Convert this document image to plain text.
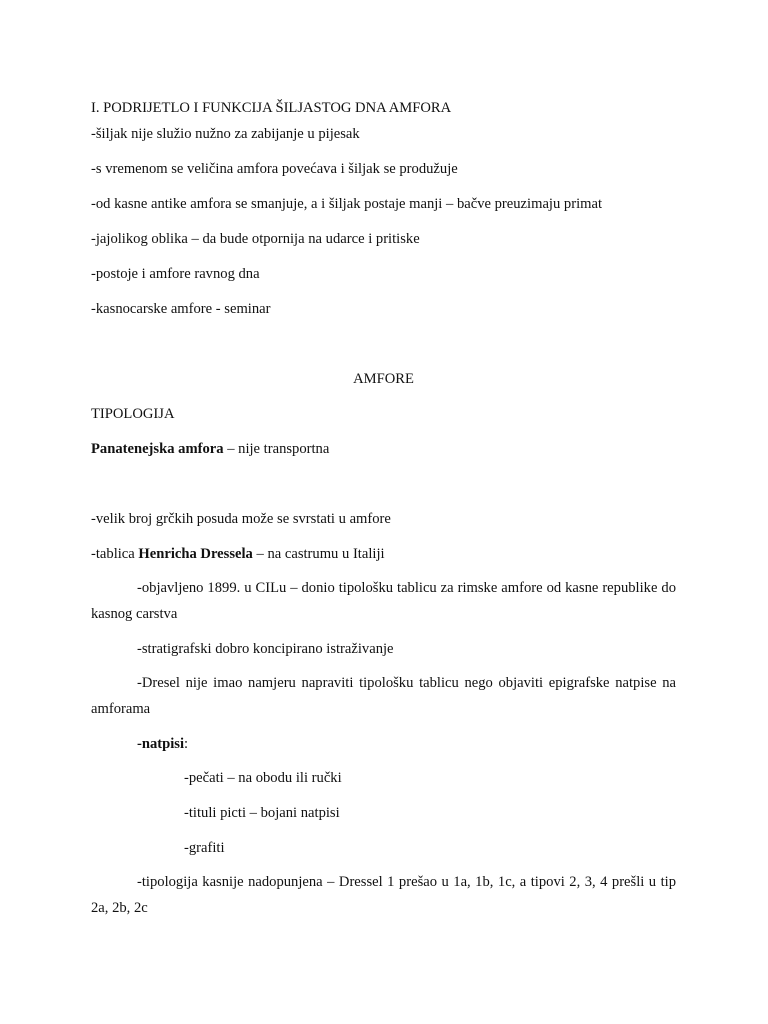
I. PODRIJETLO I FUNKCIJA ŠILJASTOG DNA AMFORA
-šiljak nije služio nužno za zabijanje u pijesak
-s vremenom se veličina amfora povećava i šiljak se produžuje
-od kasne antike amfora se smanjuje, a i šiljak postaje manji – bačve preuzimaju primat
-jajolikog oblika – da bude otpornija na udarce i pritiske
-postoje i amfore ravnog dna
-kasnocarske amfore - seminar
AMFORE
TIPOLOGIJA
Panatenejska amfora – nije transportna
-velik broj grčkih posuda može se svrstati u amfore
-tablica Henricha Dressela – na castrumu u Italiji
-objavljeno 1899. u CILu – donio tipološku tablicu za rimske amfore od kasne republike do kasnog carstva
-stratigrafski dobro koncipirano istraživanje
-Dresel nije imao namjeru napraviti tipološku tablicu nego objaviti epigrafske natpise na amforama
-natpisi:
-pečati – na obodu ili ručki
-tituli picti – bojani natpisi
-grafiti
-tipologija kasnije nadopunjena – Dressel 1 prešao u 1a, 1b, 1c, a tipovi 2, 3, 4 prešli u tip 2a, 2b, 2c
